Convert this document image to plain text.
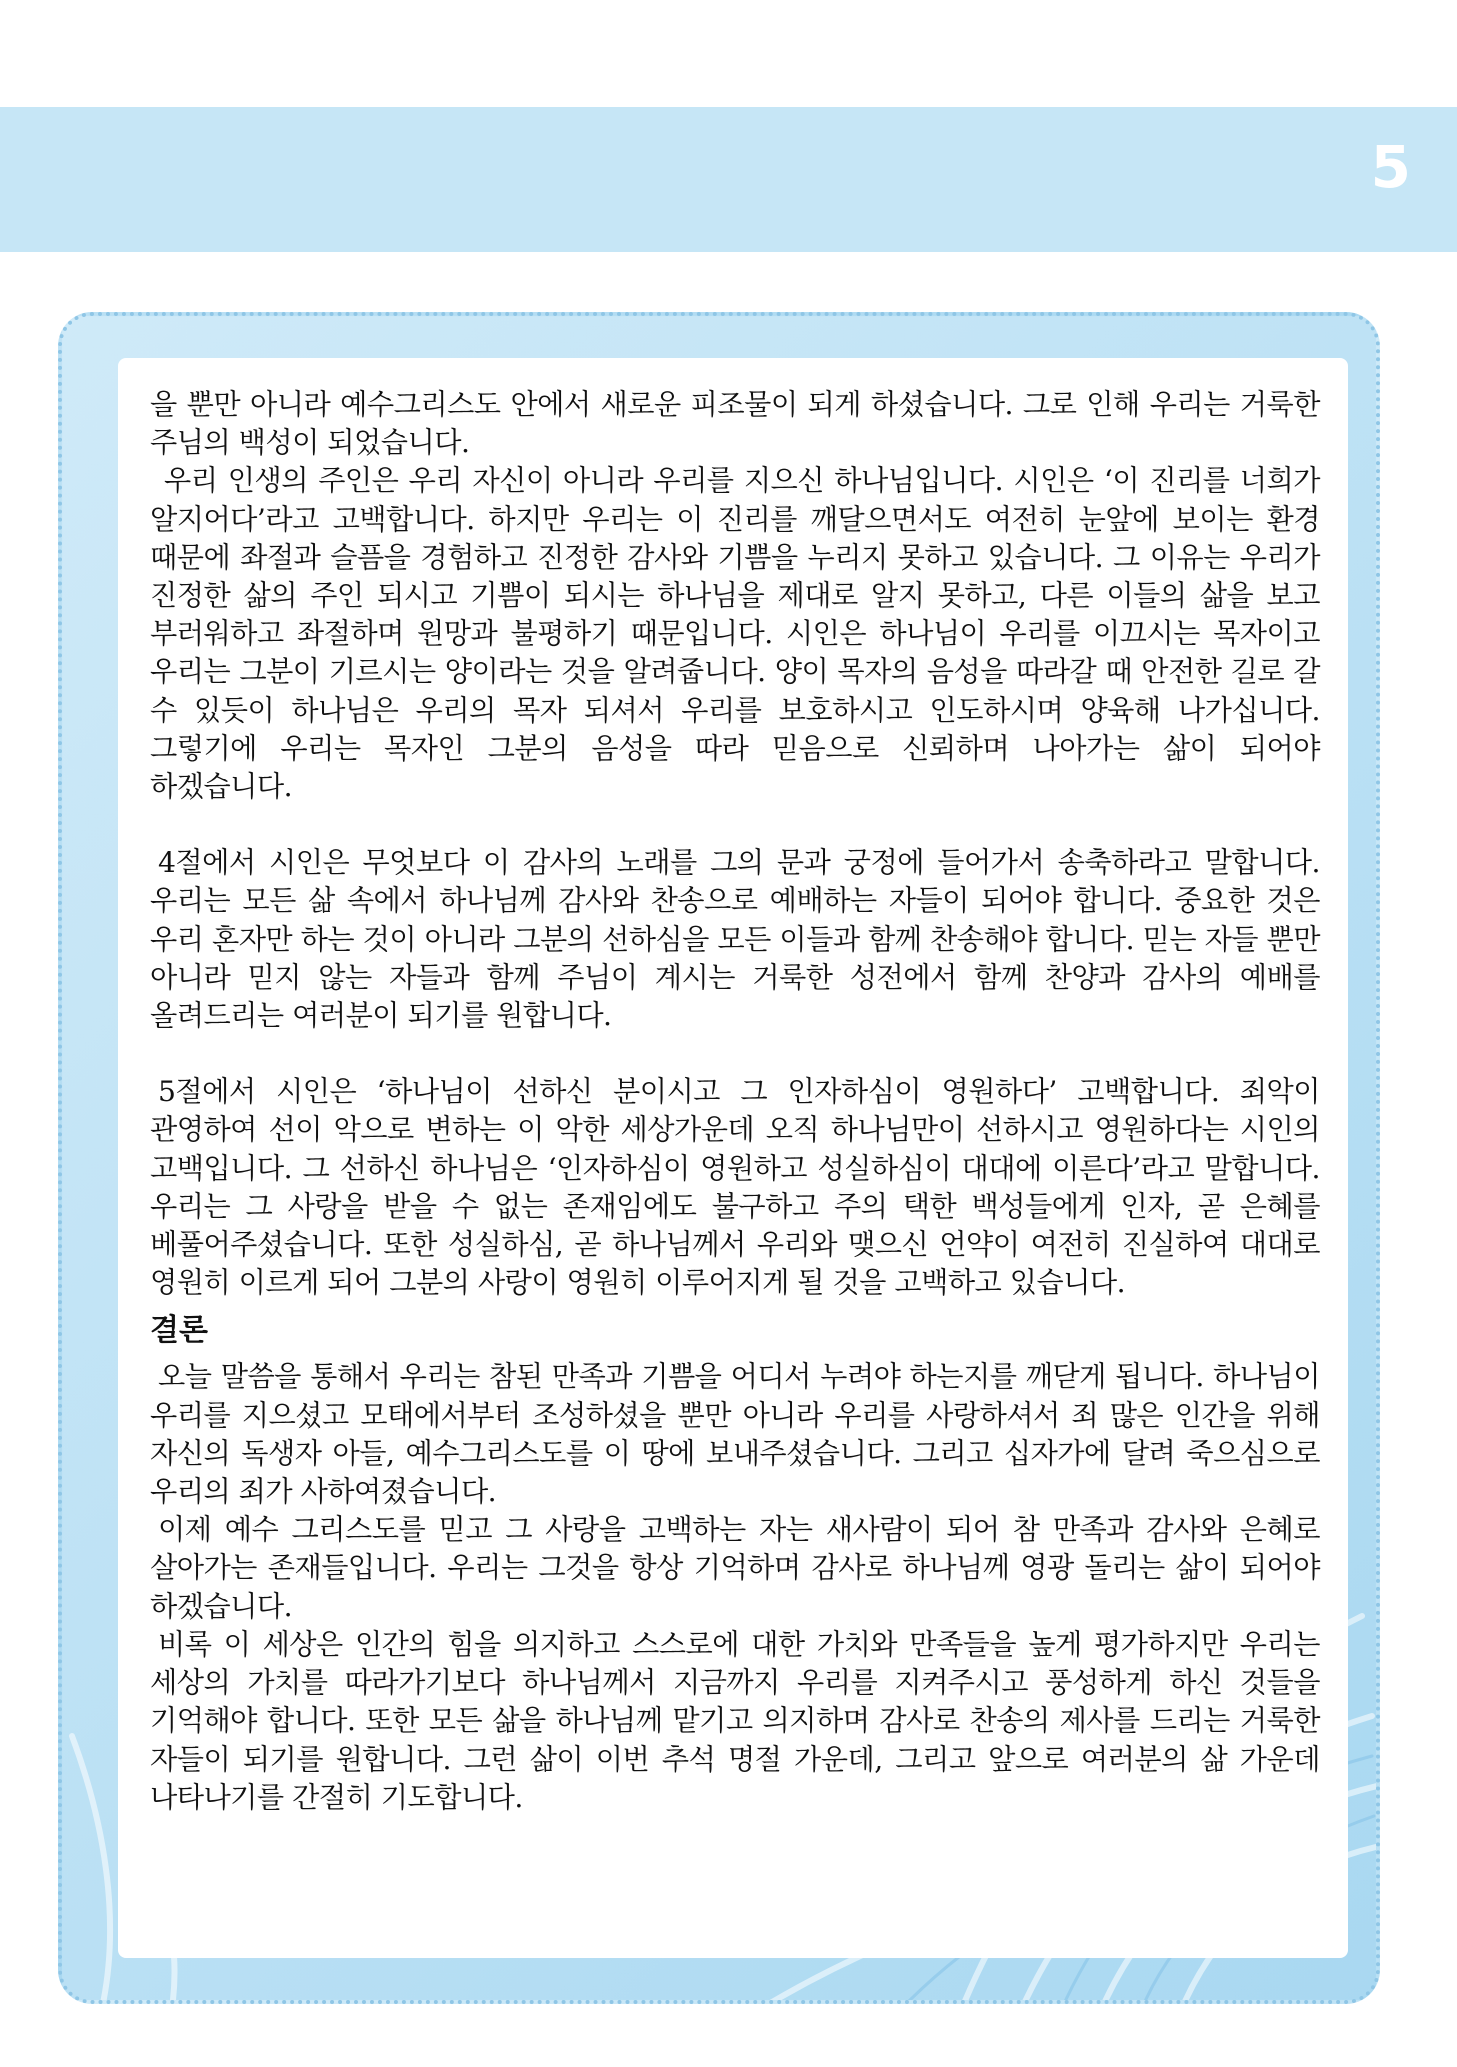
5

을 뿐만 아니라 예수그리스도 안에서 새로운 피조물이 되게 하셨습니다. 그로 인해 우리는 거룩한 주님의 백성이 되었습니다.

우리 인생의 주인은 우리 자신이 아니라 우리를 지으신 하나님입니다. 시인은 ‘이 진리를 너희가 알지어다’라고 고백합니다. 하지만 우리는 이 진리를 깨달으면서도 여전히 눈앞에 보이는 환경 때문에 좌절과 슬픔을 경험하고 진정한 감사와 기쁨을 누리지 못하고 있습니다. 그 이유는 우리가 진정한 삶의 주인 되시고 기쁨이 되시는 하나님을 제대로 알지 못하고, 다른 이들의 삶을 보고 부러워하고 좌절하며 원망과 불평하기 때문입니다. 시인은 하나님이 우리를 이끄시는 목자이고 우리는 그분이 기르시는 양이라는 것을 알려줍니다. 양이 목자의 음성을 따라갈 때 안전한 길로 갈 수 있듯이 하나님은 우리의 목자 되셔서 우리를 보호하시고 인도하시며 양육해 나가십니다. 그렇기에 우리는 목자인 그분의 음성을 따라 믿음으로 신뢰하며 나아가는 삶이 되어야 하겠습니다.

4절에서 시인은 무엇보다 이 감사의 노래를 그의 문과 궁정에 들어가서 송축하라고 말합니다. 우리는 모든 삶 속에서 하나님께 감사와 찬송으로 예배하는 자들이 되어야 합니다. 중요한 것은 우리 혼자만 하는 것이 아니라 그분의 선하심을 모든 이들과 함께 찬송해야 합니다. 믿는 자들 뿐만 아니라 믿지 않는 자들과 함께 주님이 계시는 거룩한 성전에서 함께 찬양과 감사의 예배를 올려드리는 여러분이 되기를 원합니다.

5절에서 시인은 ‘하나님이 선하신 분이시고 그 인자하심이 영원하다’ 고백합니다. 죄악이 관영하여 선이 악으로 변하는 이 악한 세상가운데 오직 하나님만이 선하시고 영원하다는 시인의 고백입니다. 그 선하신 하나님은 ‘인자하심이 영원하고 성실하심이 대대에 이른다’라고 말합니다. 우리는 그 사랑을 받을 수 없는 존재임에도 불구하고 주의 택한 백성들에게 인자, 곧 은혜를 베풀어주셨습니다. 또한 성실하심, 곧 하나님께서 우리와 맺으신 언약이 여전히 진실하여 대대로 영원히 이르게 되어 그분의 사랑이 영원히 이루어지게 될 것을 고백하고 있습니다.

결론

오늘 말씀을 통해서 우리는 참된 만족과 기쁨을 어디서 누려야 하는지를 깨닫게 됩니다. 하나님이 우리를 지으셨고 모태에서부터 조성하셨을 뿐만 아니라 우리를 사랑하셔서 죄 많은 인간을 위해 자신의 독생자 아들, 예수그리스도를 이 땅에 보내주셨습니다. 그리고 십자가에 달려 죽으심으로 우리의 죄가 사하여졌습니다.

이제 예수 그리스도를 믿고 그 사랑을 고백하는 자는 새사람이 되어 참 만족과 감사와 은혜로 살아가는 존재들입니다. 우리는 그것을 항상 기억하며 감사로 하나님께 영광 돌리는 삶이 되어야 하겠습니다.

비록 이 세상은 인간의 힘을 의지하고 스스로에 대한 가치와 만족들을 높게 평가하지만 우리는 세상의 가치를 따라가기보다 하나님께서 지금까지 우리를 지켜주시고 풍성하게 하신 것들을 기억해야 합니다. 또한 모든 삶을 하나님께 맡기고 의지하며 감사로 찬송의 제사를 드리는 거룩한 자들이 되기를 원합니다. 그런 삶이 이번 추석 명절 가운데, 그리고 앞으로 여러분의 삶 가운데 나타나기를 간절히 기도합니다.
